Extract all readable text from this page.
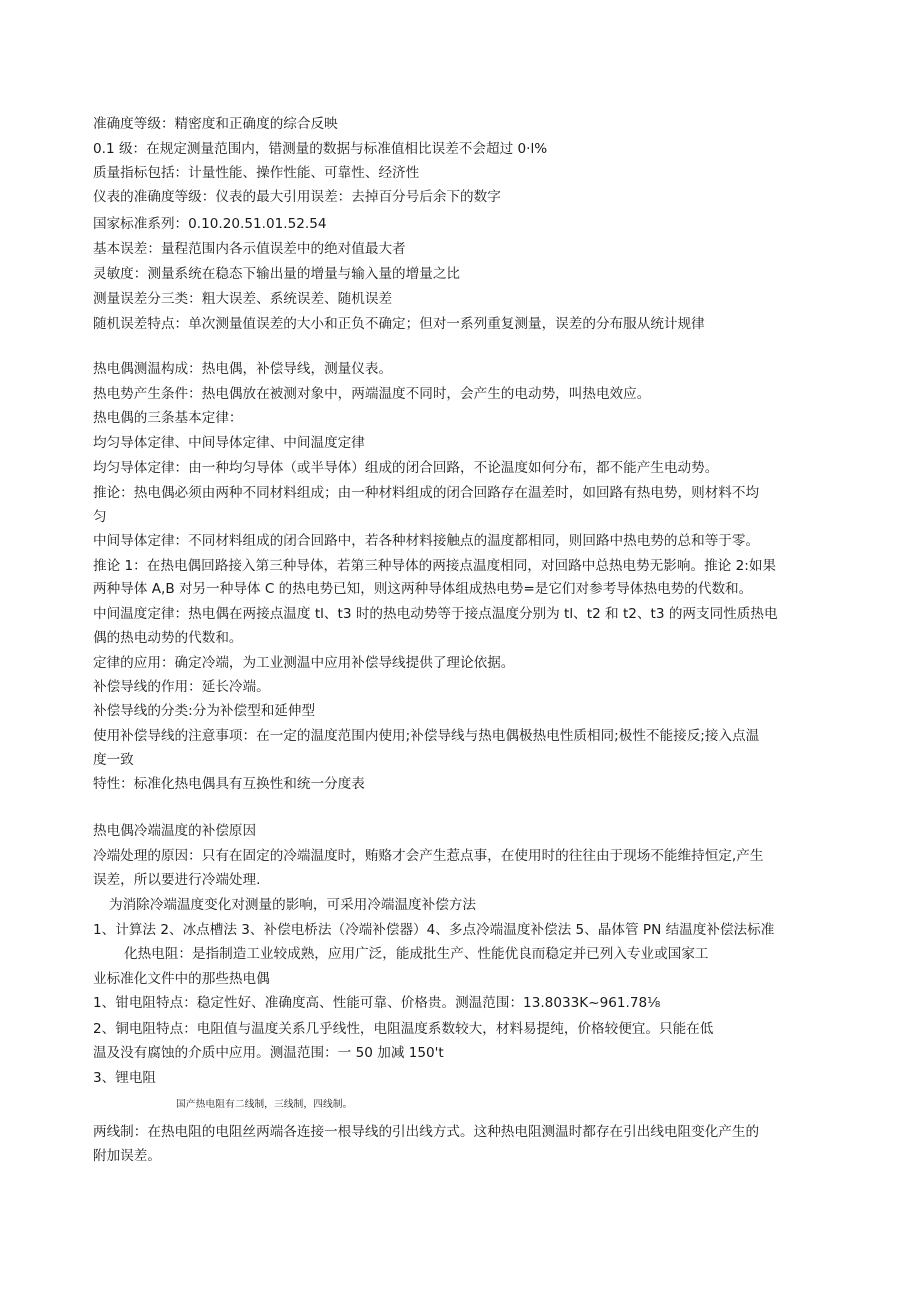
准确度等级：精密度和正确度的综合反映
0.1 级：在规定测量范围内，错测量的数据与标准值相比误差不会超过 0·l%
质量指标包括：计量性能、操作性能、可靠性、经济性
仪表的准确度等级：仪表的最大引用误差：去掉百分号后余下的数字
国家标准系列：0.10.20.51.01.52.54
基本误差：量程范围内各示值误差中的绝对值最大者
灵敏度：测量系统在稳态下输出量的增量与输入量的增量之比
测量误差分三类：粗大误差、系统误差、随机误差
随机误差特点：单次测量值误差的大小和正负不确定；但对一系列重复测量，误差的分布服从统计规律
热电偶测温构成：热电偶，补偿导线，测量仪表。
热电势产生条件：热电偶放在被测对象中，两端温度不同时，会产生的电动势，叫热电效应。
热电偶的三条基本定律：
均匀导体定律、中间导体定律、中间温度定律
均匀导体定律：由一种均匀导体（或半导体）组成的闭合回路，不论温度如何分布，都不能产生电动势。
推论：热电偶必须由两种不同材料组成；由一种材料组成的闭合回路存在温差时，如回路有热电势，则材料不均
匀
中间导体定律：不同材料组成的闭合回路中，若各种材料接触点的温度都相同，则回路中热电势的总和等于零。
推论 1：在热电偶回路接入第三种导体，若第三种导体的两接点温度相同，对回路中总热电势无影响。推论 2:如果
两种导体 A,B 对另一种导体 C 的热电势已知，则这两种导体组成热电势=是它们对参考导体热电势的代数和。
中间温度定律：热电偶在两接点温度 tl、t3 时的热电动势等于接点温度分别为 tl、t2 和 t2、t3 的两支同性质热电
偶的热电动势的代数和。
定律的应用：确定冷端，为工业测温中应用补偿导线提供了理论依据。
补偿导线的作用：延长冷端。
补偿导线的分类:分为补偿型和延伸型
使用补偿导线的注意事项：在一定的温度范围内使用;补偿导线与热电偶极热电性质相同;极性不能接反;接入点温
度一致
特性：标准化热电偶具有互换性和统一分度表
热电偶冷端温度的补偿原因
冷端处理的原因：只有在固定的冷端温度时，贿赂才会产生惹点事，在使用时的往往由于现场不能维持恒定,产生
误差，所以要进行冷端处理.
为消除冷端温度变化对测量的影响，可采用冷端温度补偿方法
1、计算法 2、冰点槽法 3、补偿电桥法（冷端补偿器）4、多点冷端温度补偿法 5、晶体管 PN 结温度补偿法标准
化热电阻：是指制造工业较成熟，应用广泛，能成批生产、性能优良而稳定并已列入专业或国家工
业标准化文件中的那些热电偶
1、钳电阻特点：稳定性好、准确度高、性能可靠、价格贵。测温范围：13.8033K~961.78⅛
2、铜电阻特点：电阻值与温度关系几乎线性，电阻温度系数较大，材料易提纯，价格较便宜。只能在低
温及没有腐蚀的介质中应用。测温范围：一 50 加减 150't
3、锂电阻
国产热电阻有二线制，三线制，四线制。
两线制：在热电阻的电阻丝两端各连接一根导线的引出线方式。这种热电阻测温时都存在引出线电阻变化产生的
附加误差。
